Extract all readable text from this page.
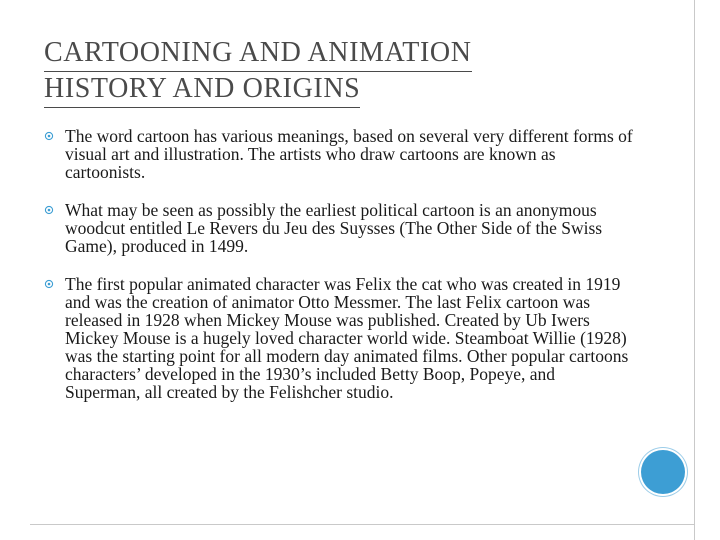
CARTOONING AND ANIMATION
HISTORY AND ORIGINS
The word cartoon has various meanings, based on several very different forms of visual art and illustration. The artists who draw cartoons are known as cartoonists.
What may be seen as possibly the earliest political cartoon is an anonymous woodcut entitled Le Revers du Jeu des Suysses (The Other Side of the Swiss Game), produced in 1499.
The first popular animated character was Felix the cat who was created in 1919 and was the creation of animator Otto Messmer. The last Felix cartoon was released in 1928 when Mickey Mouse was published. Created by Ub Iwers Mickey Mouse is a hugely loved character world wide. Steamboat Willie (1928) was the starting point for all modern day animated films. Other popular cartoons characters’ developed in the 1930’s included Betty Boop, Popeye, and Superman, all created by the Felishcher studio.
